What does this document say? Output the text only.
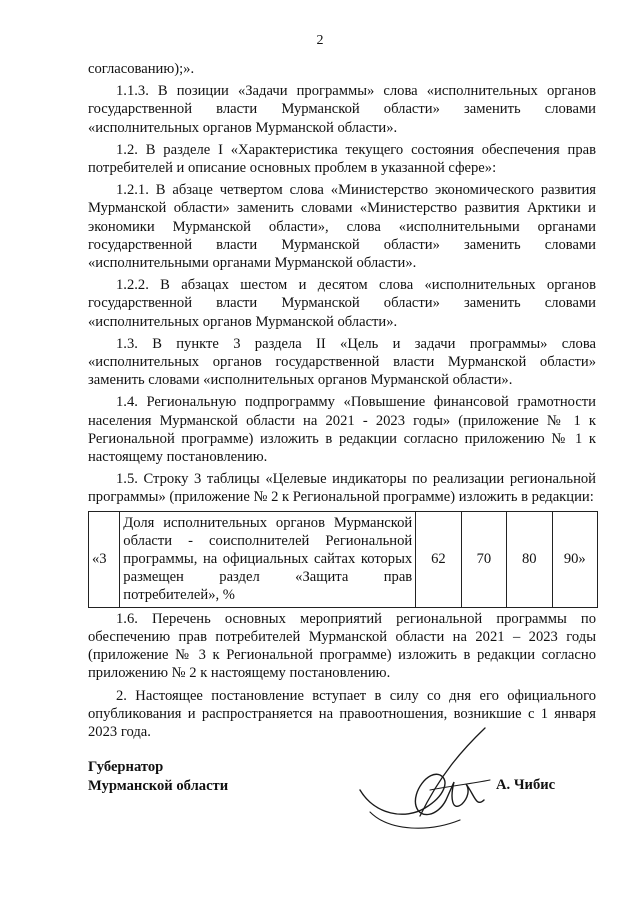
2

согласованию);».

1.1.3. В позиции «Задачи программы» слова «исполнительных органов государственной власти Мурманской области» заменить словами «исполнительных органов Мурманской области».

1.2. В разделе I «Характеристика текущего состояния обеспечения прав потребителей и описание основных проблем в указанной сфере»:

1.2.1. В абзаце четвертом слова «Министерство экономического развития Мурманской области» заменить словами «Министерство развития Арктики и экономики Мурманской области», слова «исполнительными органами государственной власти Мурманской области» заменить словами «исполнительными органами Мурманской области».

1.2.2. В абзацах шестом и десятом слова «исполнительных органов государственной власти Мурманской области» заменить словами «исполнительных органов Мурманской области».

1.3. В пункте 3 раздела II «Цель и задачи программы» слова «исполнительных органов государственной власти Мурманской области» заменить словами «исполнительных органов Мурманской области».

1.4. Региональную подпрограмму «Повышение финансовой грамотности населения Мурманской области на 2021 - 2023 годы» (приложение № 1 к Региональной программе) изложить в редакции согласно приложению № 1 к настоящему постановлению.

1.5. Строку 3 таблицы «Целевые индикаторы по реализации региональной программы» (приложение № 2 к Региональной программе) изложить в редакции:

«3	Доля исполнительных органов Мурманской области - соисполнителей Региональной программы, на официальных сайтах которых размещен раздел «Защита прав потребителей», %	62	70	80	90»

1.6. Перечень основных мероприятий региональной программы по обеспечению прав потребителей Мурманской области на 2021 – 2023 годы (приложение № 3 к Региональной программе) изложить в редакции согласно приложению № 2 к настоящему постановлению.

2. Настоящее постановление вступает в силу со дня его официального опубликования и распространяется на правоотношения, возникшие с 1 января 2023 года.

Губернатор
Мурманской области	А. Чибис
